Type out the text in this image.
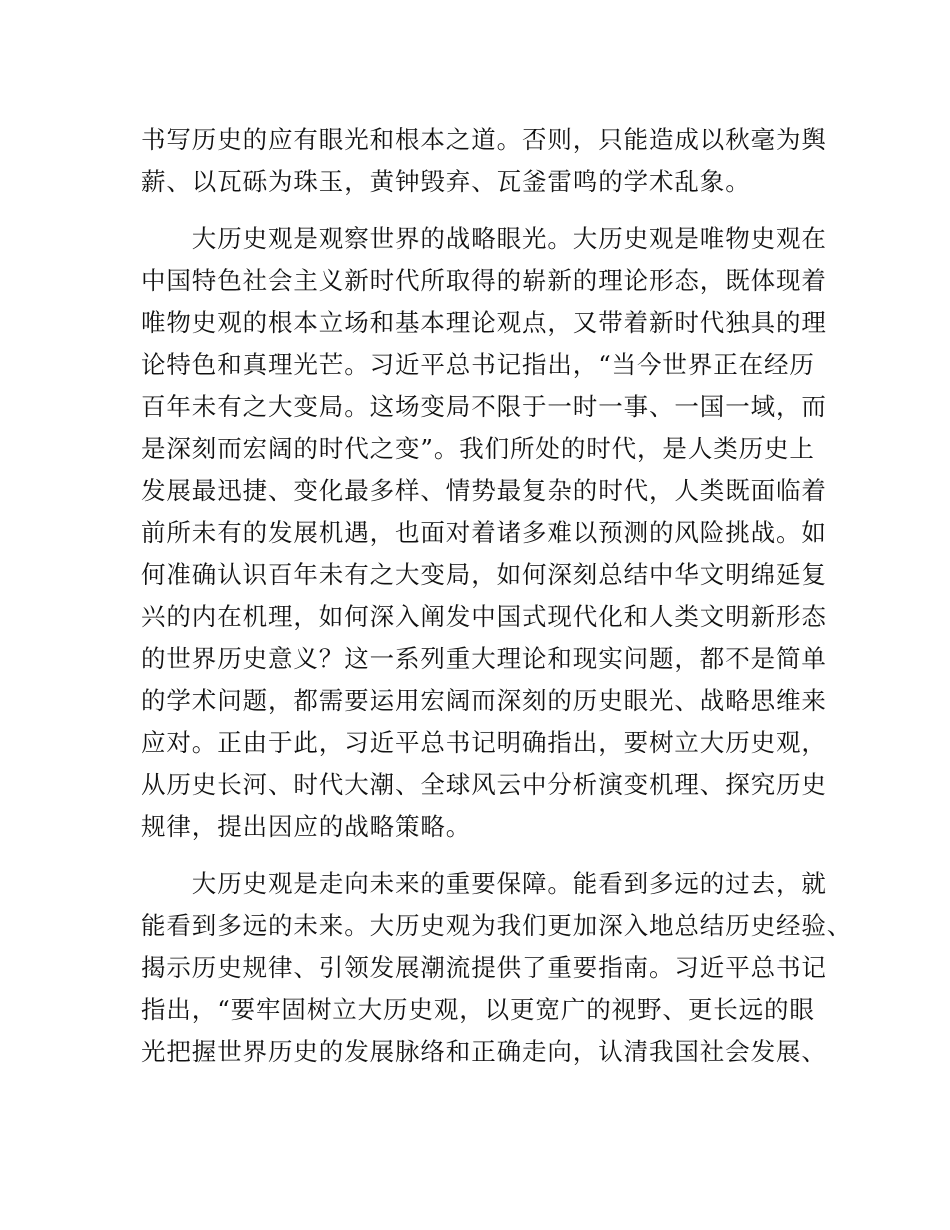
书写历史的应有眼光和根本之道。否则，只能造成以秋毫为舆
薪、以瓦砾为珠玉，黄钟毁弃、瓦釜雷鸣的学术乱象。
　　大历史观是观察世界的战略眼光。大历史观是唯物史观在
中国特色社会主义新时代所取得的崭新的理论形态，既体现着
唯物史观的根本立场和基本理论观点，又带着新时代独具的理
论特色和真理光芒。习近平总书记指出，“当今世界正在经历
百年未有之大变局。这场变局不限于一时一事、一国一域，而
是深刻而宏阔的时代之变”。我们所处的时代，是人类历史上
发展最迅捷、变化最多样、情势最复杂的时代，人类既面临着
前所未有的发展机遇，也面对着诸多难以预测的风险挑战。如
何准确认识百年未有之大变局，如何深刻总结中华文明绵延复
兴的内在机理，如何深入阐发中国式现代化和人类文明新形态
的世界历史意义？这一系列重大理论和现实问题，都不是简单
的学术问题，都需要运用宏阔而深刻的历史眼光、战略思维来
应对。正由于此，习近平总书记明确指出，要树立大历史观，
从历史长河、时代大潮、全球风云中分析演变机理、探究历史
规律，提出因应的战略策略。
　　大历史观是走向未来的重要保障。能看到多远的过去，就
能看到多远的未来。大历史观为我们更加深入地总结历史经验、
揭示历史规律、引领发展潮流提供了重要指南。习近平总书记
指出，“要牢固树立大历史观，以更宽广的视野、更长远的眼
光把握世界历史的发展脉络和正确走向，认清我国社会发展、
